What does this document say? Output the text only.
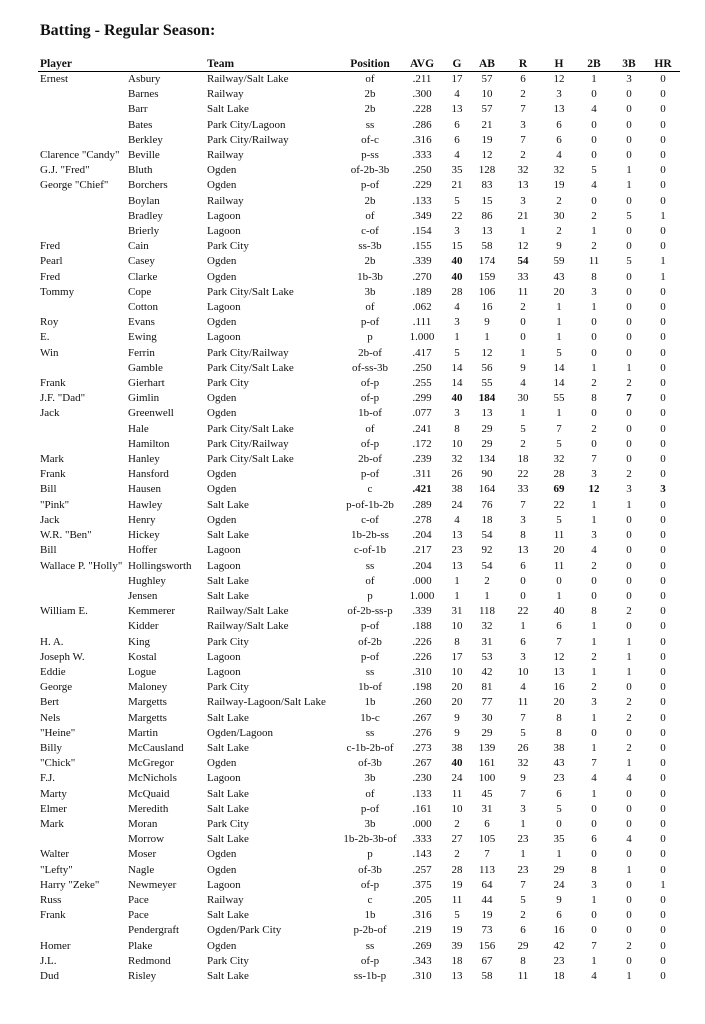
Batting - Regular Season:
Player		Team	Position	AVG	G	AB	R	H	2B	3B	HR
Ernest	Asbury	Railway/Salt Lake	of	.211	17	57	6	12	1	3	0
	Barnes	Railway	2b	.300	4	10	2	3	0	0	0
	Barr	Salt Lake	2b	.228	13	57	7	13	4	0	0
	Bates	Park City/Lagoon	ss	.286	6	21	3	6	0	0	0
	Berkley	Park City/Railway	of-c	.316	6	19	7	6	0	0	0
Clarence "Candy"	Beville	Railway	p-ss	.333	4	12	2	4	0	0	0
G.J. "Fred"	Bluth	Ogden	of-2b-3b	.250	35	128	32	32	5	1	0
George "Chief"	Borchers	Ogden	p-of	.229	21	83	13	19	4	1	0
	Boylan	Railway	2b	.133	5	15	3	2	0	0	0
	Bradley	Lagoon	of	.349	22	86	21	30	2	5	1
	Brierly	Lagoon	c-of	.154	3	13	1	2	1	0	0
Fred	Cain	Park City	ss-3b	.155	15	58	12	9	2	0	0
Pearl	Casey	Ogden	2b	.339	40	174	54	59	11	5	1
Fred	Clarke	Ogden	1b-3b	.270	40	159	33	43	8	0	1
Tommy	Cope	Park City/Salt Lake	3b	.189	28	106	11	20	3	0	0
	Cotton	Lagoon	of	.062	4	16	2	1	1	0	0
Roy	Evans	Ogden	p-of	.111	3	9	0	1	0	0	0
E.	Ewing	Lagoon	p	1.000	1	1	0	1	0	0	0
Win	Ferrin	Park City/Railway	2b-of	.417	5	12	1	5	0	0	0
	Gamble	Park City/Salt Lake	of-ss-3b	.250	14	56	9	14	1	1	0
Frank	Gierhart	Park City	of-p	.255	14	55	4	14	2	2	0
J.F. "Dad"	Gimlin	Ogden	of-p	.299	40	184	30	55	8	7	0
Jack	Greenwell	Ogden	1b-of	.077	3	13	1	1	0	0	0
	Hale	Park City/Salt Lake	of	.241	8	29	5	7	2	0	0
	Hamilton	Park City/Railway	of-p	.172	10	29	2	5	0	0	0
Mark	Hanley	Park City/Salt Lake	2b-of	.239	32	134	18	32	7	0	0
Frank	Hansford	Ogden	p-of	.311	26	90	22	28	3	2	0
Bill	Hausen	Ogden	c	.421	38	164	33	69	12	3	3
"Pink"	Hawley	Salt Lake	p-of-1b-2b	.289	24	76	7	22	1	1	0
Jack	Henry	Ogden	c-of	.278	4	18	3	5	1	0	0
W.R. "Ben"	Hickey	Salt Lake	1b-2b-ss	.204	13	54	8	11	3	0	0
Bill	Hoffer	Lagoon	c-of-1b	.217	23	92	13	20	4	0	0
Wallace P. "Holly"	Hollingsworth	Lagoon	ss	.204	13	54	6	11	2	0	0
	Hughley	Salt Lake	of	.000	1	2	0	0	0	0	0
	Jensen	Salt Lake	p	1.000	1	1	0	1	0	0	0
William E.	Kemmerer	Railway/Salt Lake	of-2b-ss-p	.339	31	118	22	40	8	2	0
	Kidder	Railway/Salt Lake	p-of	.188	10	32	1	6	1	0	0
H. A.	King	Park City	of-2b	.226	8	31	6	7	1	1	0
Joseph W.	Kostal	Lagoon	p-of	.226	17	53	3	12	2	1	0
Eddie	Logue	Lagoon	ss	.310	10	42	10	13	1	1	0
George	Maloney	Park City	1b-of	.198	20	81	4	16	2	0	0
Bert	Margetts	Railway-Lagoon/Salt Lake	1b	.260	20	77	11	20	3	2	0
Nels	Margetts	Salt Lake	1b-c	.267	9	30	7	8	1	2	0
"Heine"	Martin	Ogden/Lagoon	ss	.276	9	29	5	8	0	0	0
Billy	McCausland	Salt Lake	c-1b-2b-of	.273	38	139	26	38	1	2	0
"Chick"	McGregor	Ogden	of-3b	.267	40	161	32	43	7	1	0
F.J.	McNichols	Lagoon	3b	.230	24	100	9	23	4	4	0
Marty	McQuaid	Salt Lake	of	.133	11	45	7	6	1	0	0
Elmer	Meredith	Salt Lake	p-of	.161	10	31	3	5	0	0	0
Mark	Moran	Park City	3b	.000	2	6	1	0	0	0	0
	Morrow	Salt Lake	1b-2b-3b-of	.333	27	105	23	35	6	4	0
Walter	Moser	Ogden	p	.143	2	7	1	1	0	0	0
"Lefty"	Nagle	Ogden	of-3b	.257	28	113	23	29	8	1	0
Harry "Zeke"	Newmeyer	Lagoon	of-p	.375	19	64	7	24	3	0	1
Russ	Pace	Railway	c	.205	11	44	5	9	1	0	0
Frank	Pace	Salt Lake	1b	.316	5	19	2	6	0	0	0
	Pendergraft	Ogden/Park City	p-2b-of	.219	19	73	6	16	0	0	0
Homer	Plake	Ogden	ss	.269	39	156	29	42	7	2	0
J.L.	Redmond	Park City	of-p	.343	18	67	8	23	1	0	0
Dud	Risley	Salt Lake	ss-1b-p	.310	13	58	11	18	4	1	0
